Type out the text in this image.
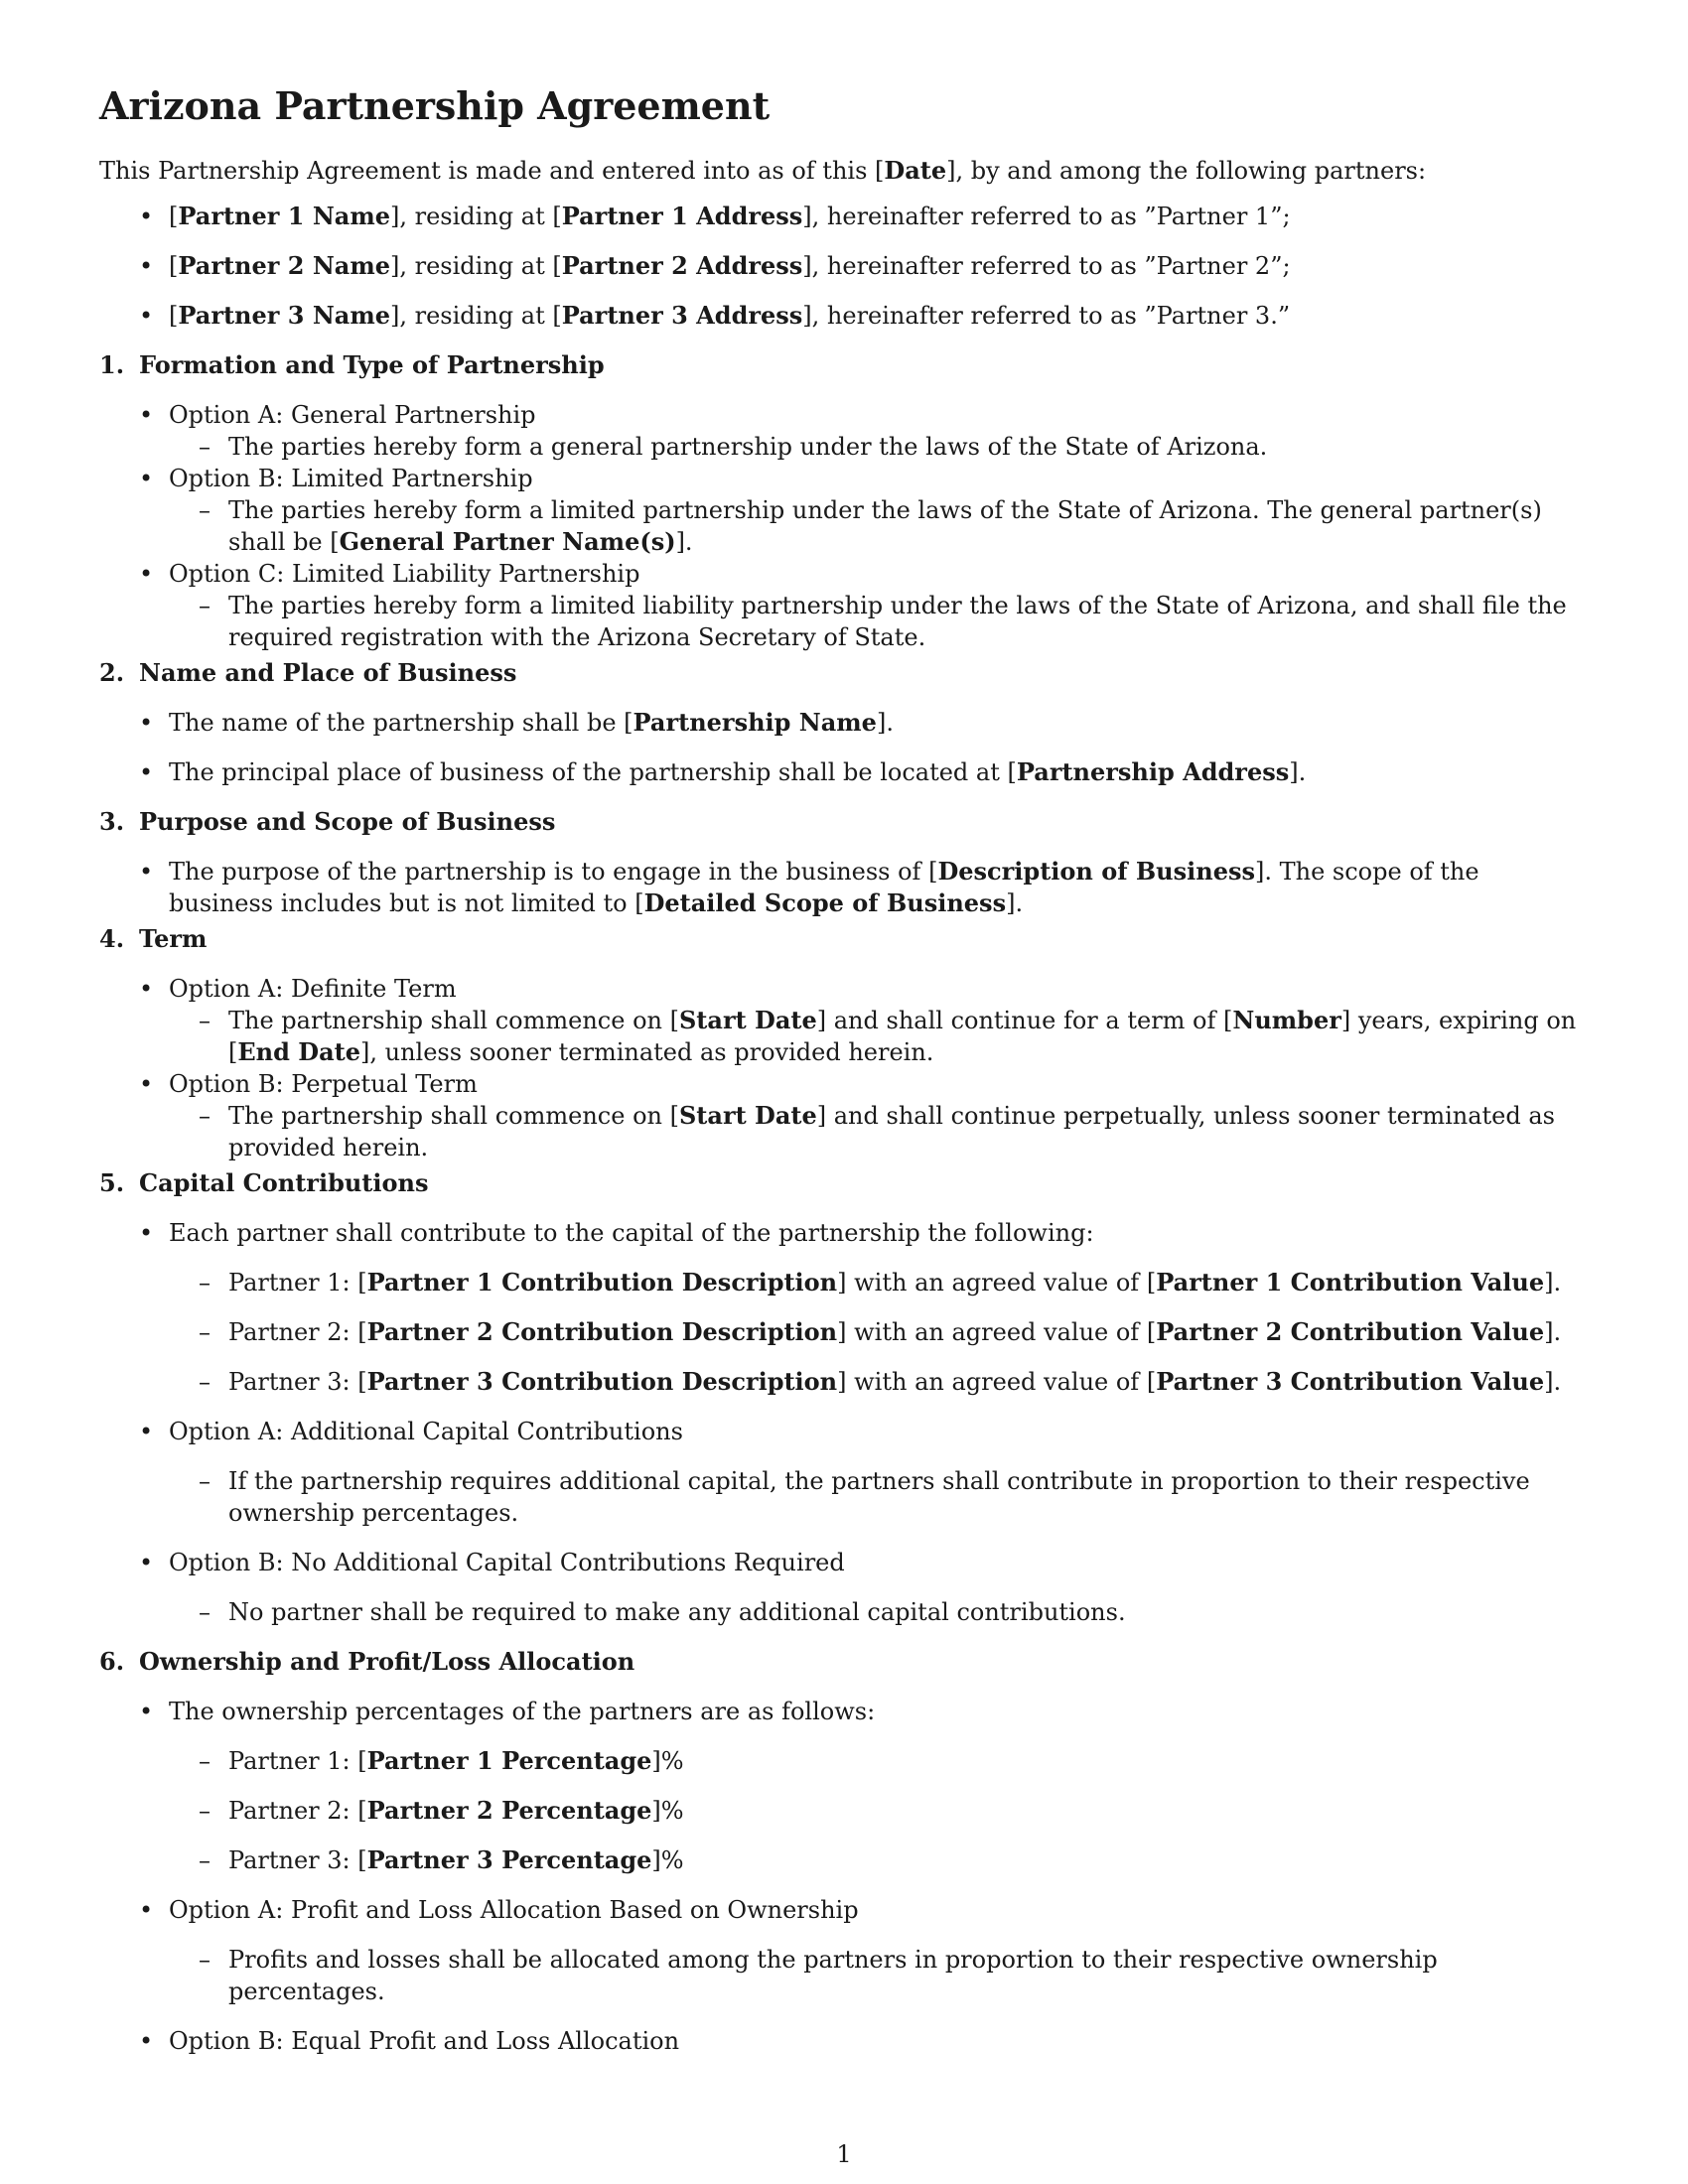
Arizona Partnership Agreement

This Partnership Agreement is made and entered into as of this [Date], by and among the following partners:

• [Partner 1 Name], residing at [Partner 1 Address], hereinafter referred to as ”Partner 1”;
• [Partner 2 Name], residing at [Partner 2 Address], hereinafter referred to as ”Partner 2”;
• [Partner 3 Name], residing at [Partner 3 Address], hereinafter referred to as ”Partner 3.”
1. Formation and Type of Partnership
• Option A: General Partnership
– The parties hereby form a general partnership under the laws of the State of Arizona.
• Option B: Limited Partnership
– The parties hereby form a limited partnership under the laws of the State of Arizona. The general partner(s) shall be [General Partner Name(s)].
• Option C: Limited Liability Partnership
– The parties hereby form a limited liability partnership under the laws of the State of Arizona, and shall file the required registration with the Arizona Secretary of State.
2. Name and Place of Business
• The name of the partnership shall be [Partnership Name].
• The principal place of business of the partnership shall be located at [Partnership Address].
3. Purpose and Scope of Business
• The purpose of the partnership is to engage in the business of [Description of Business]. The scope of the business includes but is not limited to [Detailed Scope of Business].
4. Term
• Option A: Definite Term
– The partnership shall commence on [Start Date] and shall continue for a term of [Number] years, expiring on [End Date], unless sooner terminated as provided herein.
• Option B: Perpetual Term
– The partnership shall commence on [Start Date] and shall continue perpetually, unless sooner terminated as provided herein.
5. Capital Contributions
• Each partner shall contribute to the capital of the partnership the following:
– Partner 1: [Partner 1 Contribution Description] with an agreed value of [Partner 1 Contribution Value].
– Partner 2: [Partner 2 Contribution Description] with an agreed value of [Partner 2 Contribution Value].
– Partner 3: [Partner 3 Contribution Description] with an agreed value of [Partner 3 Contribution Value].
• Option A: Additional Capital Contributions
– If the partnership requires additional capital, the partners shall contribute in proportion to their respective ownership percentages.
• Option B: No Additional Capital Contributions Required
– No partner shall be required to make any additional capital contributions.
6. Ownership and Profit/Loss Allocation
• The ownership percentages of the partners are as follows:
– Partner 1: [Partner 1 Percentage]%
– Partner 2: [Partner 2 Percentage]%
– Partner 3: [Partner 3 Percentage]%
• Option A: Profit and Loss Allocation Based on Ownership
– Profits and losses shall be allocated among the partners in proportion to their respective ownership percentages.
• Option B: Equal Profit and Loss Allocation
1
